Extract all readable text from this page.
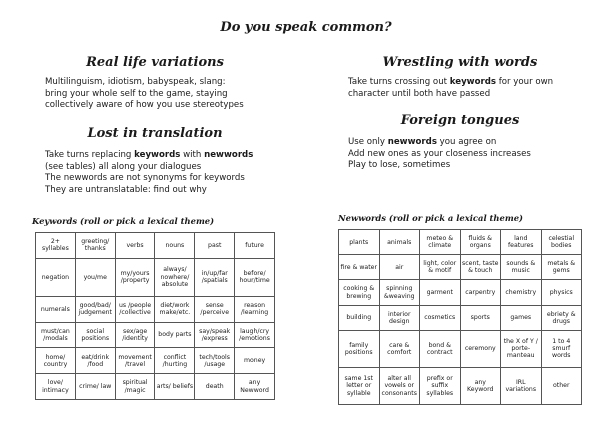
Do you speak common?
Real life variations

Multilinguism, idiotism, babyspeak, slang:

bring your whole self to the game, staying

collectively aware of how you use stereotypes

Lost in translation

Take turns replacing keywords with newwords

(see tables) all along your dialogues

The newwords are not synonyms for keywords

They are untranslatable: find out why

Keywords (roll or pick a lexical theme)
2+ syllables	greeting/ thanks	verbs	nouns	past	future
negation	you/me	my/yours /property	always/ nowhere/ absolute	in/up/far /spatials	before/ hour/time
numerals	good/bad/ judgement	us /people /collective	diet/work make/etc.	sense /perceive	reason /learning
must/can /modals	social positions	sex/age /identity	body parts	say/speak /express	laugh/cry /emotions
home/ country	eat/drink /food	movement /travel	conflict /hurting	tech/tools /usage	money
love/ intimacy	crime/ law	spiritual /magic	arts/ beliefs	death	any Newword
Wrestling with words

Take turns crossing out keywords for your own

character until both have passed

Foreign tongues

Use only newwords you agree on

Add new ones as your closeness increases

Play to lose, sometimes

Newwords (roll or pick a lexical theme)
plants	animals	meteo & climate	fluids & organs	land features	celestial bodies
fire & water	air	light, color & motif	scent, taste & touch	sounds & music	metals & gems
cooking & brewing	spinning &weaving	garment	carpentry	chemistry	physics
building	interior design	cosmetics	sports	games	ebriety & drugs
family positions	care & comfort	bond & contract	ceremony	the X of Y / porte-manteau	1 to 4 smurf words
same 1st letter or syllable	alter all vowels or consonants	prefix or suffix syllables	any Keyword	IRL variations	other
